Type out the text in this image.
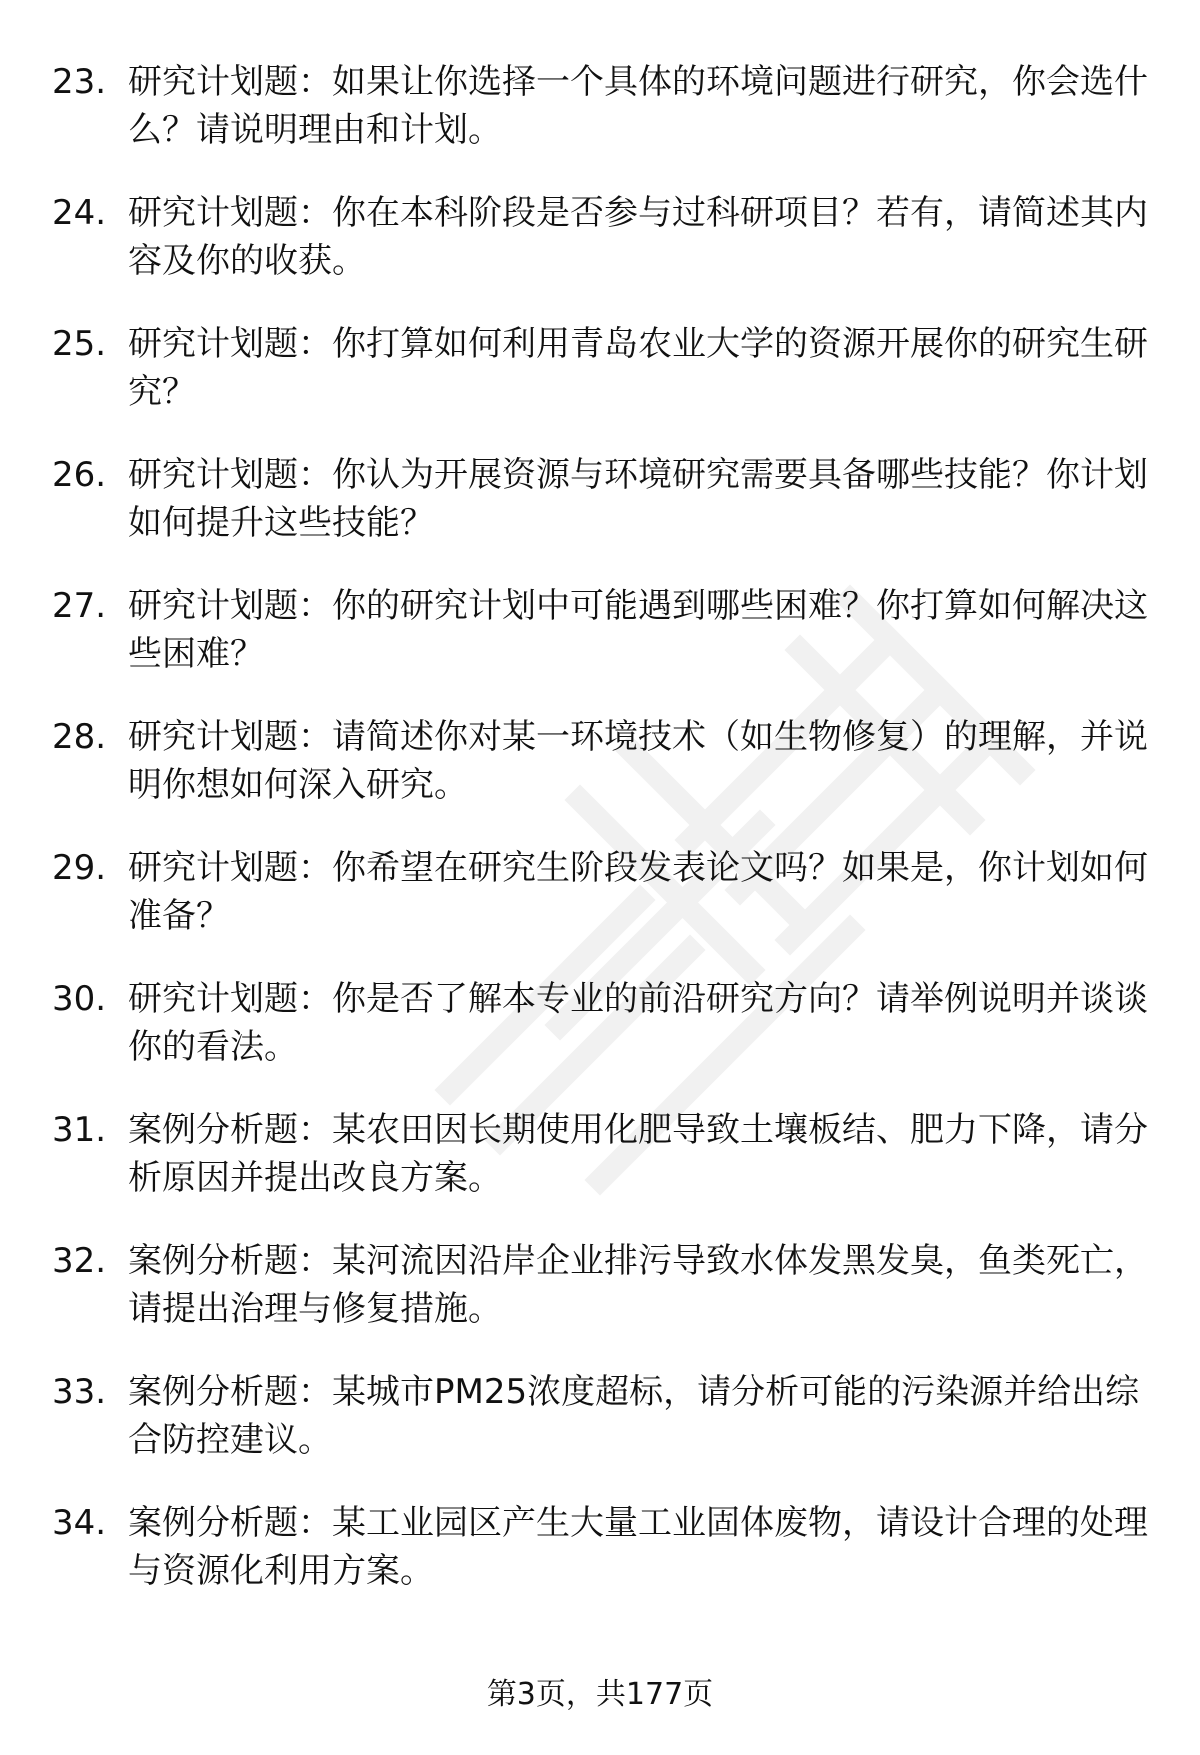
23. 研究计划题：如果让你选择一个具体的环境问题进行研究，你会选什么？请说明理由和计划。
24. 研究计划题：你在本科阶段是否参与过科研项目？若有，请简述其内容及你的收获。
25. 研究计划题：你打算如何利用青岛农业大学的资源开展你的研究生研究？
26. 研究计划题：你认为开展资源与环境研究需要具备哪些技能？你计划如何提升这些技能？
27. 研究计划题：你的研究计划中可能遇到哪些困难？你打算如何解决这些困难？
28. 研究计划题：请简述你对某一环境技术（如生物修复）的理解，并说明你想如何深入研究。
29. 研究计划题：你希望在研究生阶段发表论文吗？如果是，你计划如何准备？
30. 研究计划题：你是否了解本专业的前沿研究方向？请举例说明并谈谈你的看法。
31. 案例分析题：某农田因长期使用化肥导致土壤板结、肥力下降，请分析原因并提出改良方案。
32. 案例分析题：某河流因沿岸企业排污导致水体发黑发臭，鱼类死亡，请提出治理与修复措施。
33. 案例分析题：某城市PM25浓度超标，请分析可能的污染源并给出综合防控建议。
34. 案例分析题：某工业园区产生大量工业固体废物，请设计合理的处理与资源化利用方案。
第3页，共177页
